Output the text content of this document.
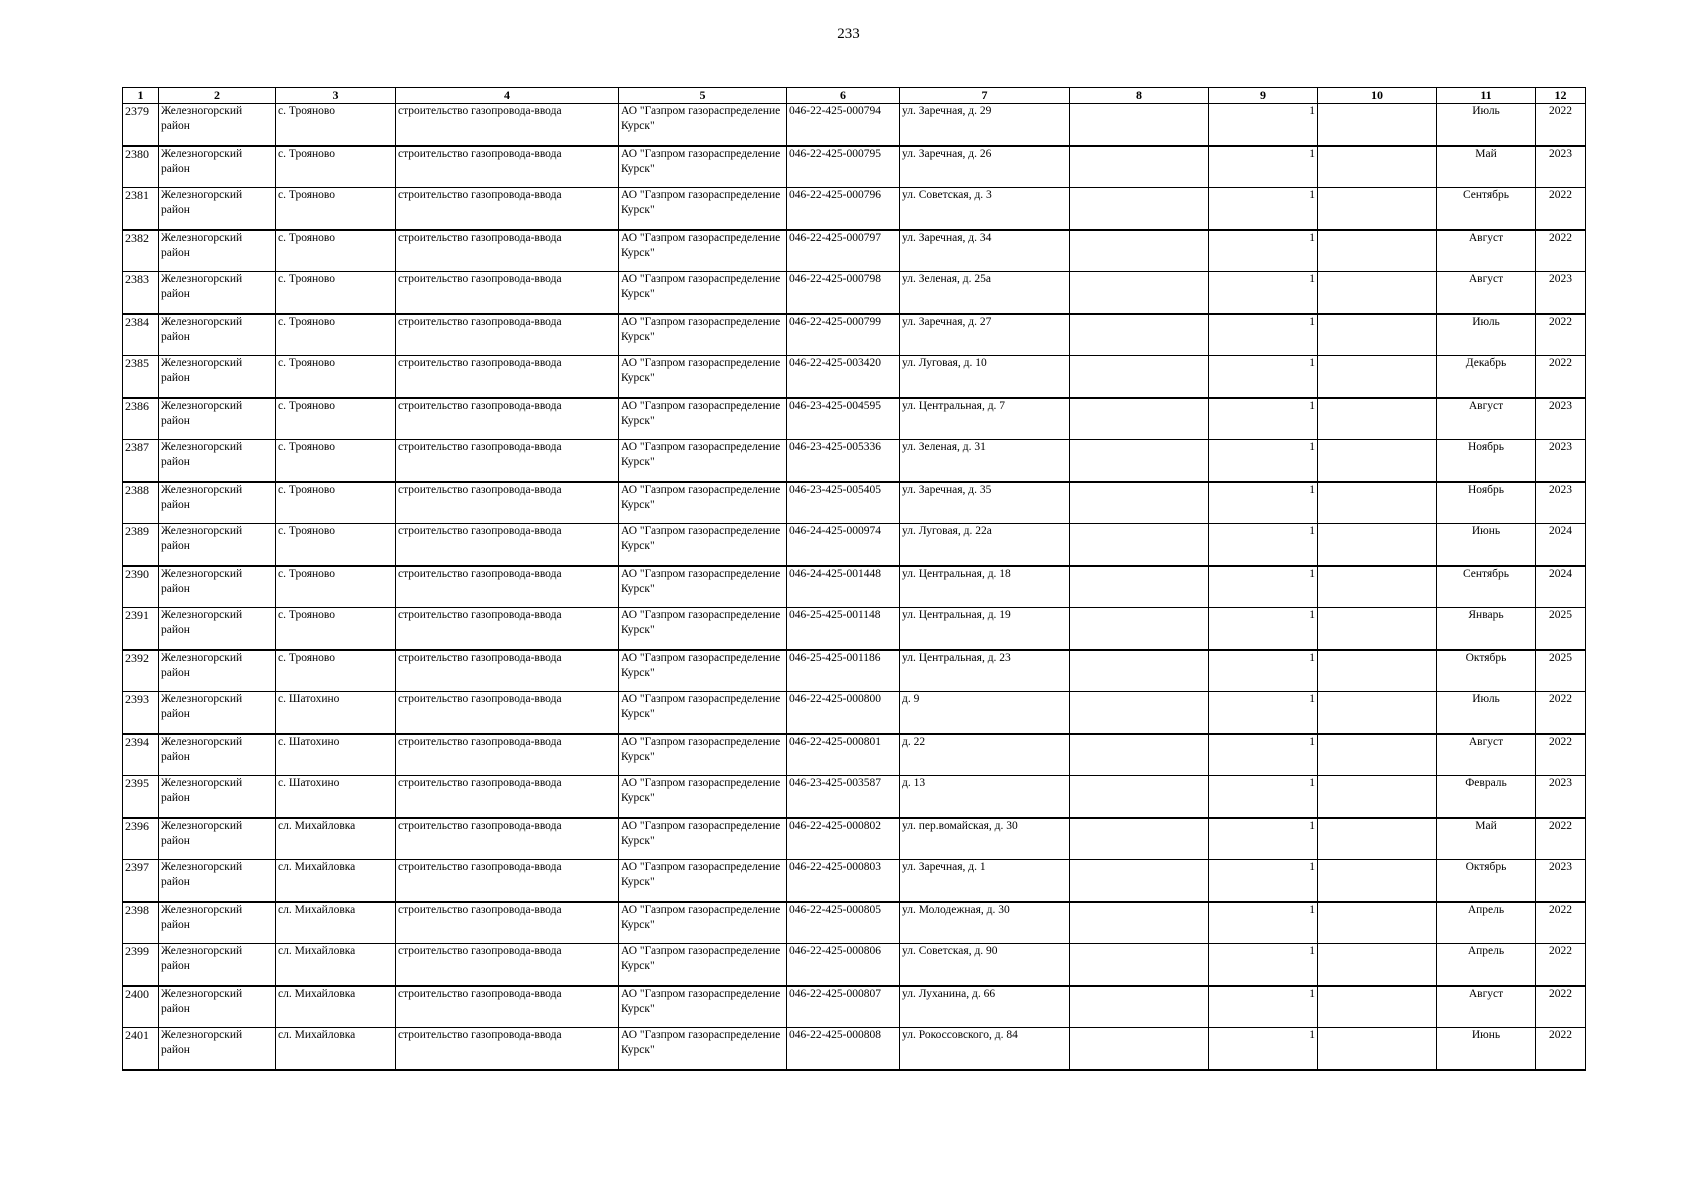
233
1	2	3	4	5	6	7	8	9	10	11	12
2379	Железногорский район	с. Трояново	строительство газопровода-ввода	АО "Газпром газораспределение Курск"	046-22-425-000794	ул. Заречная, д. 29		1		Июль	2022
2380	Железногорский район	с. Трояново	строительство газопровода-ввода	АО "Газпром газораспределение Курск"	046-22-425-000795	ул. Заречная, д. 26		1		Май	2023
2381	Железногорский район	с. Трояново	строительство газопровода-ввода	АО "Газпром газораспределение Курск"	046-22-425-000796	ул. Советская, д. 3		1		Сентябрь	2022
2382	Железногорский район	с. Трояново	строительство газопровода-ввода	АО "Газпром газораспределение Курск"	046-22-425-000797	ул. Заречная, д. 34		1		Август	2022
2383	Железногорский район	с. Трояново	строительство газопровода-ввода	АО "Газпром газораспределение Курск"	046-22-425-000798	ул. Зеленая, д. 25а		1		Август	2023
2384	Железногорский район	с. Трояново	строительство газопровода-ввода	АО "Газпром газораспределение Курск"	046-22-425-000799	ул. Заречная, д. 27		1		Июль	2022
2385	Железногорский район	с. Трояново	строительство газопровода-ввода	АО "Газпром газораспределение Курск"	046-22-425-003420	ул. Луговая, д. 10		1		Декабрь	2022
2386	Железногорский район	с. Трояново	строительство газопровода-ввода	АО "Газпром газораспределение Курск"	046-23-425-004595	ул. Центральная, д. 7		1		Август	2023
2387	Железногорский район	с. Трояново	строительство газопровода-ввода	АО "Газпром газораспределение Курск"	046-23-425-005336	ул. Зеленая, д. 31		1		Ноябрь	2023
2388	Железногорский район	с. Трояново	строительство газопровода-ввода	АО "Газпром газораспределение Курск"	046-23-425-005405	ул. Заречная, д. 35		1		Ноябрь	2023
2389	Железногорский район	с. Трояново	строительство газопровода-ввода	АО "Газпром газораспределение Курск"	046-24-425-000974	ул. Луговая, д. 22а		1		Июнь	2024
2390	Железногорский район	с. Трояново	строительство газопровода-ввода	АО "Газпром газораспределение Курск"	046-24-425-001448	ул. Центральная, д. 18		1		Сентябрь	2024
2391	Железногорский район	с. Трояново	строительство газопровода-ввода	АО "Газпром газораспределение Курск"	046-25-425-001148	ул. Центральная, д. 19		1		Январь	2025
2392	Железногорский район	с. Трояново	строительство газопровода-ввода	АО "Газпром газораспределение Курск"	046-25-425-001186	ул. Центральная, д. 23		1		Октябрь	2025
2393	Железногорский район	с. Шатохино	строительство газопровода-ввода	АО "Газпром газораспределение Курск"	046-22-425-000800	д. 9		1		Июль	2022
2394	Железногорский район	с. Шатохино	строительство газопровода-ввода	АО "Газпром газораспределение Курск"	046-22-425-000801	д. 22		1		Август	2022
2395	Железногорский район	с. Шатохино	строительство газопровода-ввода	АО "Газпром газораспределение Курск"	046-23-425-003587	д. 13		1		Февраль	2023
2396	Железногорский район	сл. Михайловка	строительство газопровода-ввода	АО "Газпром газораспределение Курск"	046-22-425-000802	ул. пер.вомайская, д. 30		1		Май	2022
2397	Железногорский район	сл. Михайловка	строительство газопровода-ввода	АО "Газпром газораспределение Курск"	046-22-425-000803	ул. Заречная, д. 1		1		Октябрь	2023
2398	Железногорский район	сл. Михайловка	строительство газопровода-ввода	АО "Газпром газораспределение Курск"	046-22-425-000805	ул. Молодежная, д. 30		1		Апрель	2022
2399	Железногорский район	сл. Михайловка	строительство газопровода-ввода	АО "Газпром газораспределение Курск"	046-22-425-000806	ул. Советская, д. 90		1		Апрель	2022
2400	Железногорский район	сл. Михайловка	строительство газопровода-ввода	АО "Газпром газораспределение Курск"	046-22-425-000807	ул. Луханина, д. 66		1		Август	2022
2401	Железногорский район	сл. Михайловка	строительство газопровода-ввода	АО "Газпром газораспределение Курск"	046-22-425-000808	ул. Рокоссовского, д. 84		1		Июнь	2022
